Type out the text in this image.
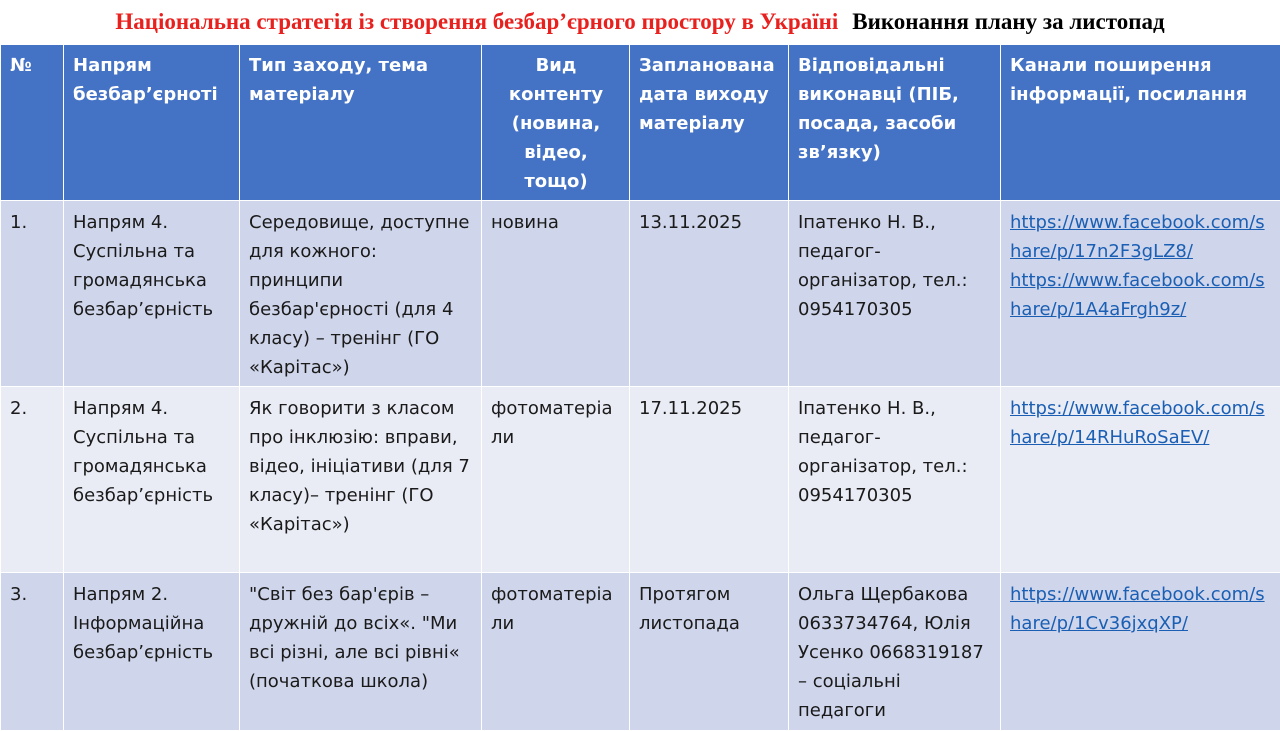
Національна стратегія із створення безбар’єрного простору в Україні Виконання плану за листопад
№	Напрям безбар’єрноті	Тип заходу, тема матеріалу	Вид контенту (новина, відео, тощо)	Запланована дата виходу матеріалу	Відповідальні виконавці (ПІБ, посада, засоби зв’язку)	Канали поширення інформації, посилання
1.	Напрям 4. Суспільна та громадянська безбар’єрність	Середовище, доступне для кожного: принципи безбар'єрності (для 4 класу) – тренінг (ГО «Карітас»)	новина	13.11.2025	Іпатенко Н. В., педагог-організатор, тел.: 0954170305	https://www.facebook.com/share/p/17n2F3gLZ8/
https://www.facebook.com/share/p/1A4aFrgh9z/

2.	Напрям 4. Суспільна та громадянська безбар’єрність	Як говорити з класом про інклюзію: вправи, відео, ініціативи (для 7 класу)– тренінг (ГО «Карітас»)	фотоматеріали	17.11.2025	Іпатенко Н. В., педагог-організатор, тел.: 0954170305	https://www.facebook.com/share/p/14RHuRoSaEV/

3.	Напрям 2. Інформаційна безбар’єрність	"Світ без бар'єрів – дружній до всіх«. "Ми всі різні, але всі рівні« (початкова школа)	фотоматеріали	Протягом листопада	Ольга Щербакова 0633734764, Юлія Усенко 0668319187 – соціальні педагоги	https://www.facebook.com/share/p/1Cv36jxqXP/
